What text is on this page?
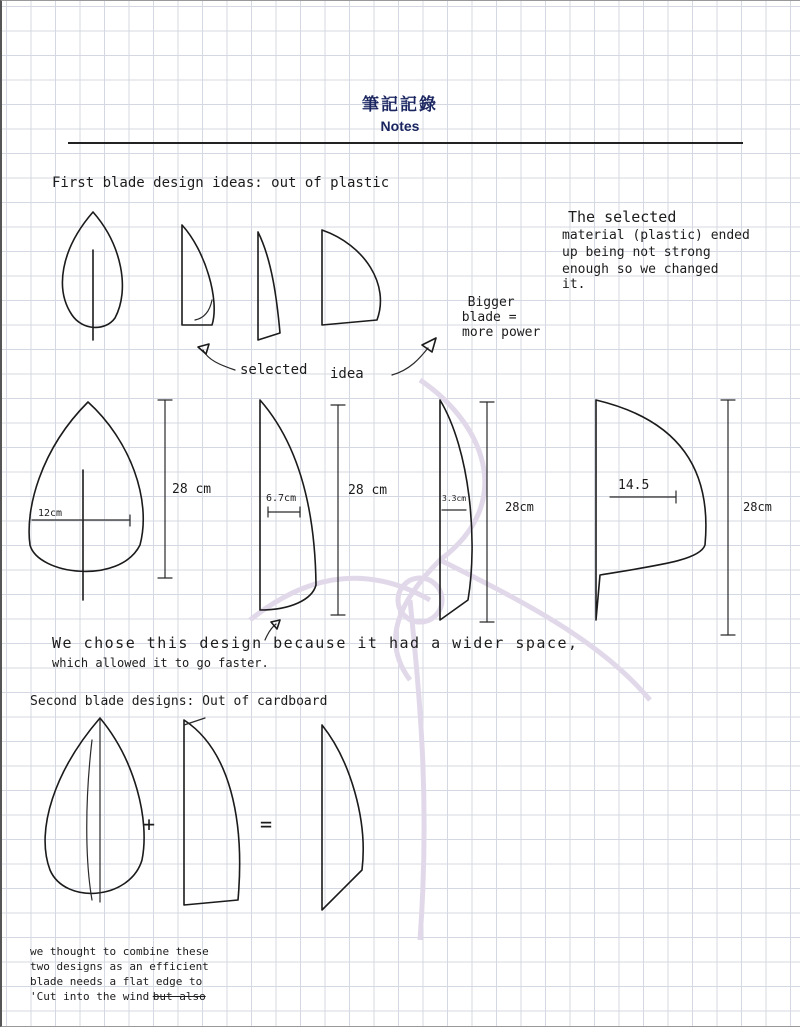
筆記記錄
Notes
First blade design ideas: out of plastic
The selected
material (plastic) ended
up being not strong
enough so we changed
it.
Bigger
blade =
more power
selected idea
12cm
28 cm
6.7cm
28 cm
3.3cm
28cm
14.5
28cm
We chose this design because it had a wider space,
which allowed it to go faster.
Second blade designs: Out of cardboard
+	=
we thought to combine these
two designs as an efficient
blade needs a flat edge to
'Cut into the wind but also
